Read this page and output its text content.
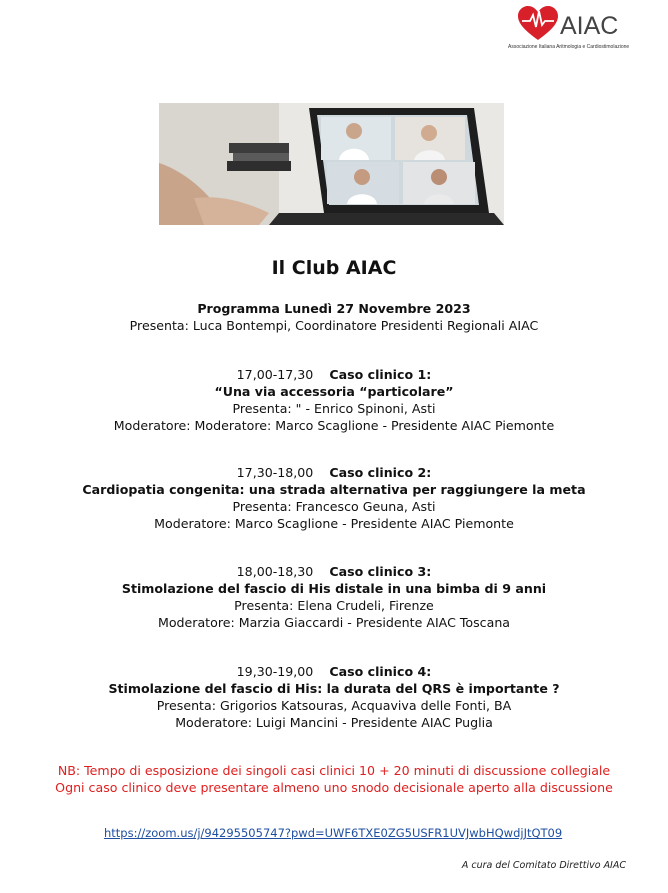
AIAC
Associazione Italiana Aritmologia e Cardiostimolazione
Il Club AIAC
Programma Lunedì 27 Novembre 2023
Presenta: Luca Bontempi, Coordinatore Presidenti Regionali AIAC
17,00-17,30 Caso clinico 1:
“Una via accessoria “particolare”
Presenta: " - Enrico Spinoni, Asti
Moderatore: Moderatore: Marco Scaglione - Presidente AIAC Piemonte
17,30-18,00 Caso clinico 2:
Cardiopatia congenita: una strada alternativa per raggiungere la meta
Presenta: Francesco Geuna, Asti
Moderatore: Marco Scaglione - Presidente AIAC Piemonte
18,00-18,30 Caso clinico 3:
Stimolazione del fascio di His distale in una bimba di 9 anni
Presenta: Elena Crudeli, Firenze
Moderatore: Marzia Giaccardi - Presidente AIAC Toscana
19,30-19,00 Caso clinico 4:
Stimolazione del fascio di His: la durata del QRS è importante ?
Presenta: Grigorios Katsouras, Acquaviva delle Fonti, BA
Moderatore: Luigi Mancini - Presidente AIAC Puglia
NB: Tempo di esposizione dei singoli casi clinici 10 + 20 minuti di discussione collegiale
Ogni caso clinico deve presentare almeno uno snodo decisionale aperto alla discussione
https://zoom.us/j/94295505747?pwd=UWF6TXE0ZG5USFR1UVJwbHQwdjJtQT09
A cura del Comitato Direttivo AIAC
